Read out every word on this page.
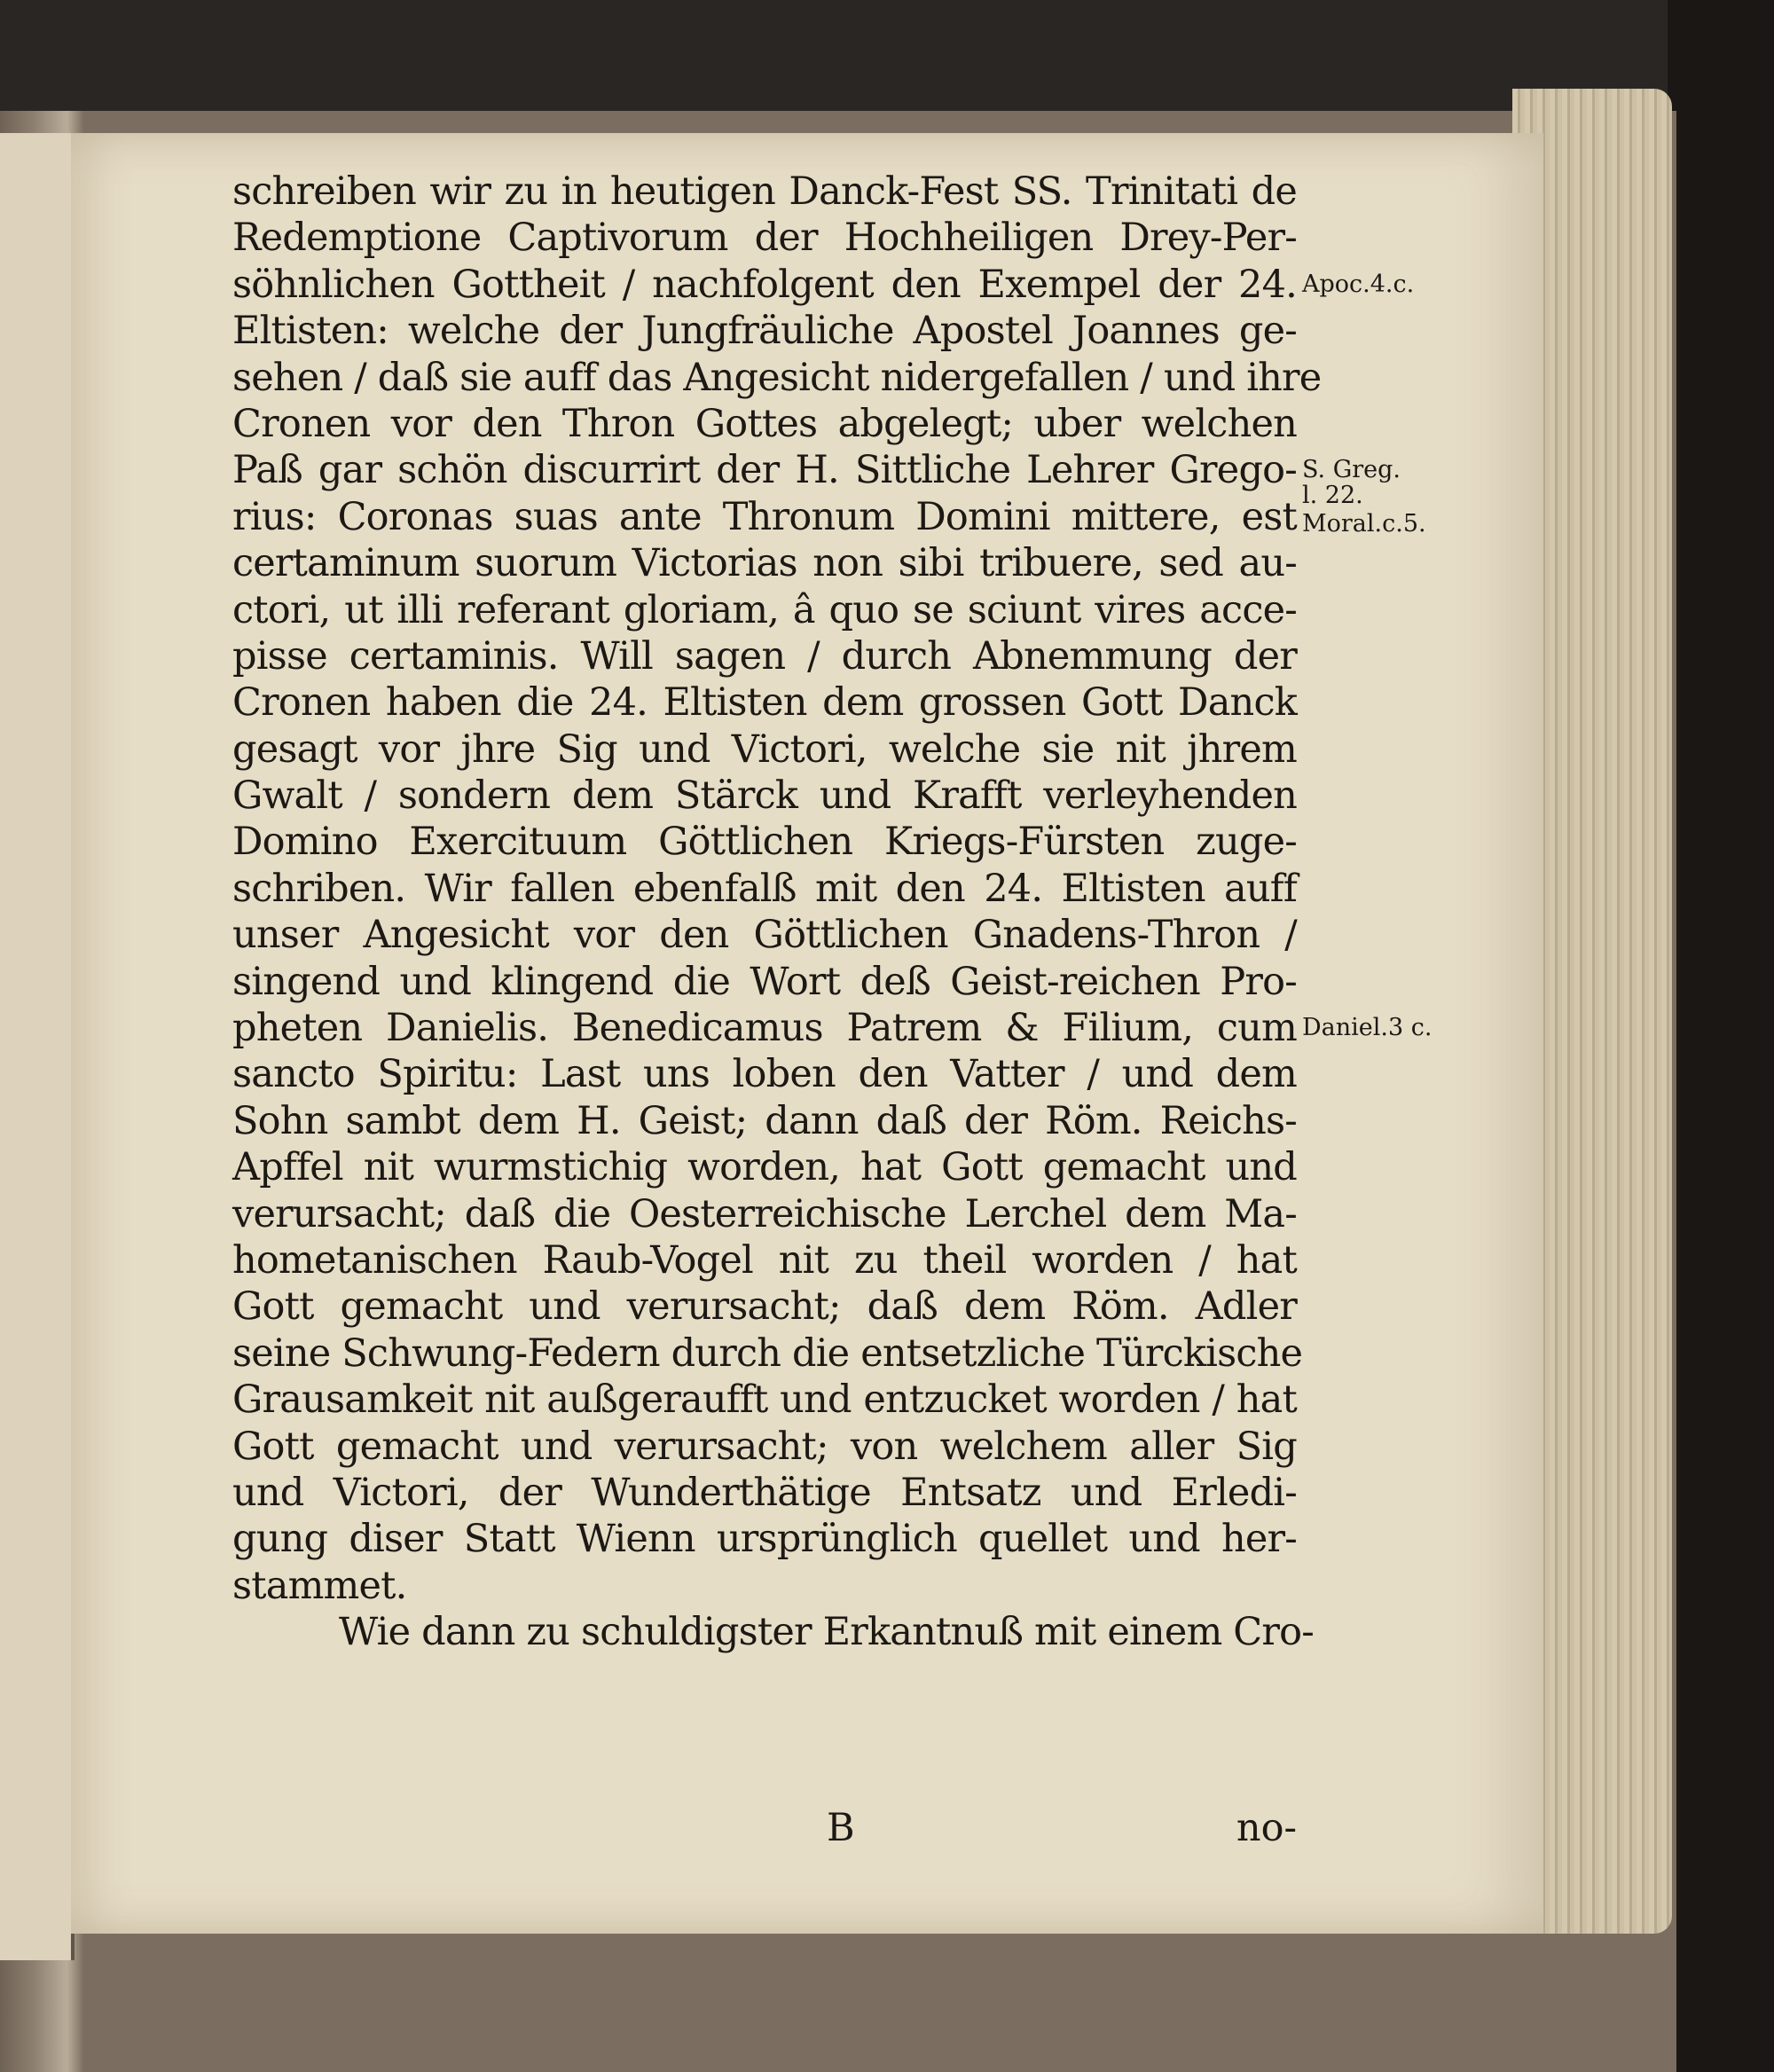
schreiben wir zu in heutigen Danck-Fest SS. Trinitati de
Redemptione Captivorum der Hochheiligen Drey-Per-
söhnlichen Gottheit / nachfolgent den Exempel der 24.
Eltisten: welche der Jungfräuliche Apostel Joannes ge-
sehen / daß sie auff das Angesicht nidergefallen / und ihre
Cronen vor den Thron Gottes abgelegt; uber welchen
Paß gar schön discurrirt der H. Sittliche Lehrer Grego-
rius: Coronas suas ante Thronum Domini mittere, est
certaminum suorum Victorias non sibi tribuere, sed au-
ctori, ut illi referant gloriam, â quo se sciunt vires acce-
pisse certaminis. Will sagen / durch Abnemmung der
Cronen haben die 24. Eltisten dem grossen Gott Danck
gesagt vor jhre Sig und Victori, welche sie nit jhrem
Gwalt / sondern dem Stärck und Krafft verleyhenden
Domino Exercituum Göttlichen Kriegs-Fürsten zuge-
schriben. Wir fallen ebenfalß mit den 24. Eltisten auff
unser Angesicht vor den Göttlichen Gnadens-Thron /
singend und klingend die Wort deß Geist-reichen Pro-
pheten Danielis. Benedicamus Patrem & Filium, cum
sancto Spiritu: Last uns loben den Vatter / und dem
Sohn sambt dem H. Geist; dann daß der Röm. Reichs-
Apffel nit wurmstichig worden, hat Gott gemacht und
verursacht; daß die Oesterreichische Lerchel dem Ma-
hometanischen Raub-Vogel nit zu theil worden / hat
Gott gemacht und verursacht; daß dem Röm. Adler
seine Schwung-Federn durch die entsetzliche Türckische
Grausamkeit nit außgeraufft und entzucket worden / hat
Gott gemacht und verursacht; von welchem aller Sig
und Victori, der Wunderthätige Entsatz und Erledi-
gung diser Statt Wienn ursprünglich quellet und her-
stammet.
Wie dann zu schuldigster Erkantnuß mit einem Cro-
B	no-
Apoc.4.c.
S. Greg.
l. 22.
Moral.c.5.
Daniel.3 c.
